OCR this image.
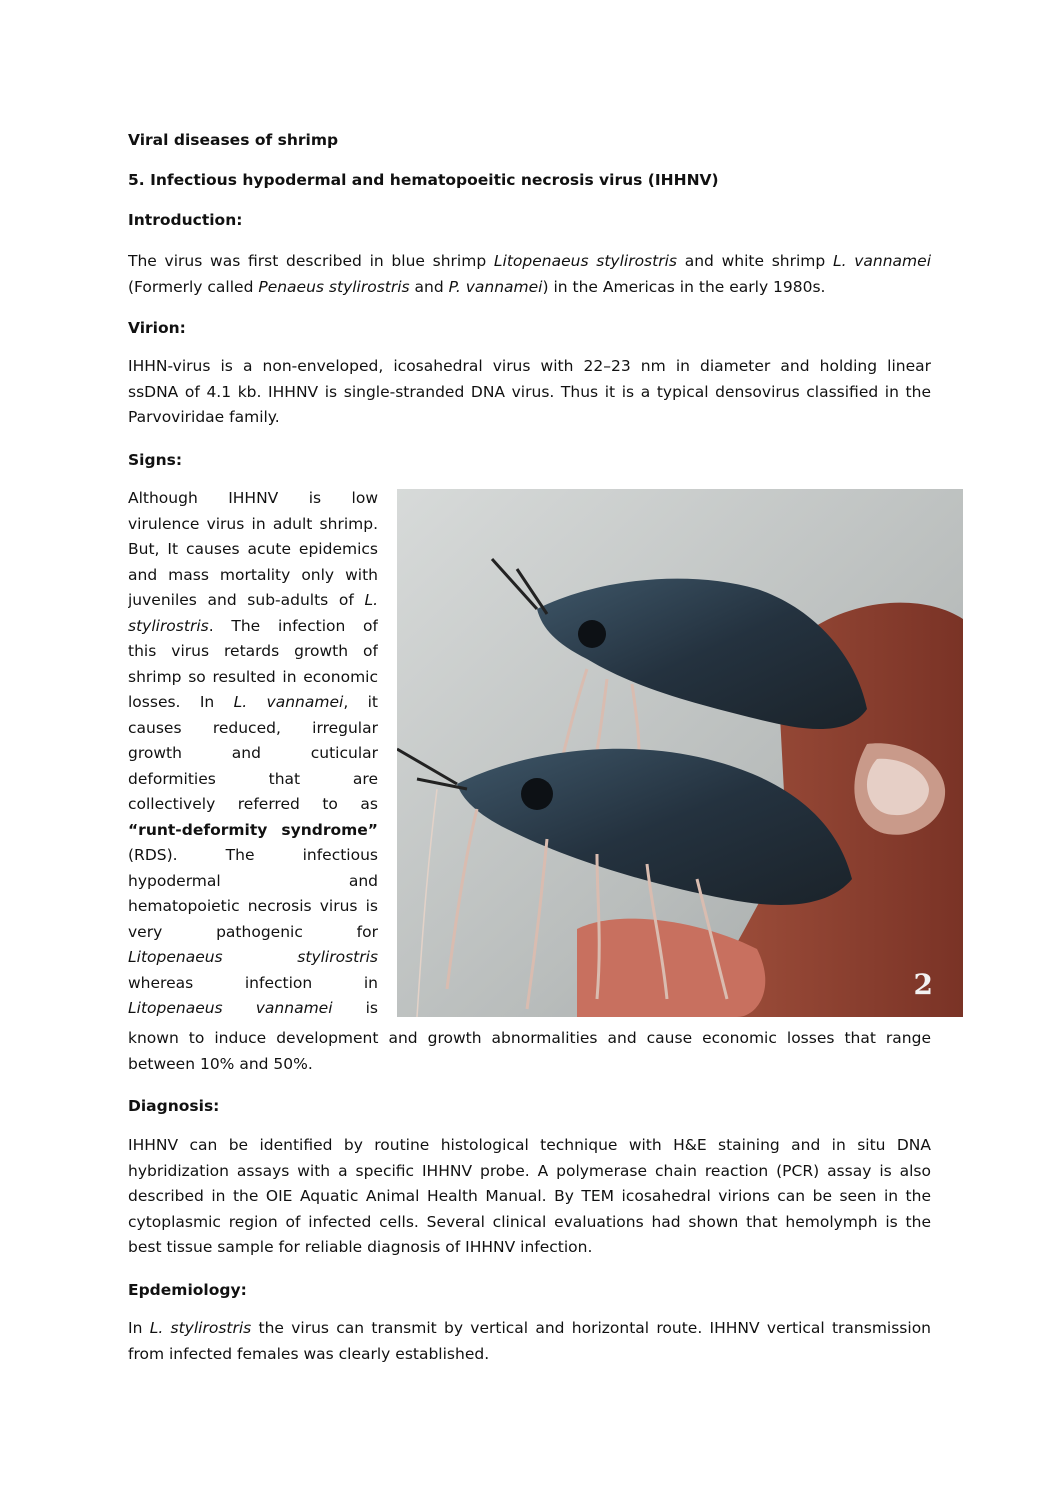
Viral diseases of shrimp
5. Infectious hypodermal and hematopoeitic necrosis virus (IHHNV)
Introduction:
The virus was first described in blue shrimp Litopenaeus stylirostris and white shrimp L. vannamei
(Formerly called Penaeus stylirostris and P. vannamei) in the Americas in the early 1980s.
Virion:
IHHN-virus is a non-enveloped, icosahedral virus with 22–23 nm in diameter and holding linear
ssDNA of 4.1 kb. IHHNV is single-stranded DNA virus. Thus it is a typical densovirus classified in the
Parvoviridae family.
Signs:
Although IHHNV is low
virulence virus in adult shrimp.
But, It causes acute epidemics
and mass mortality only with
juveniles and sub-adults of L.
stylirostris. The infection of
this virus retards growth of
shrimp so resulted in economic
losses. In L. vannamei, it
causes reduced, irregular
growth and cuticular
deformities that are
collectively referred to as
“runt-deformity syndrome”
(RDS). The infectious
hypodermal and
hematopoietic necrosis virus is
very pathogenic for
Litopenaeus stylirostris
whereas infection in
Litopenaeus vannamei is
2
known to induce development and growth abnormalities and cause economic losses that range
between 10% and 50%.
Diagnosis:
IHHNV can be identified by routine histological technique with H&E staining and in situ DNA
hybridization assays with a specific IHHNV probe. A polymerase chain reaction (PCR) assay is also
described in the OIE Aquatic Animal Health Manual. By TEM icosahedral virions can be seen in the
cytoplasmic region of infected cells. Several clinical evaluations had shown that hemolymph is the
best tissue sample for reliable diagnosis of IHHNV infection.
Epdemiology:
In L. stylirostris the virus can transmit by vertical and horizontal route. IHHNV vertical transmission
from infected females was clearly established.
